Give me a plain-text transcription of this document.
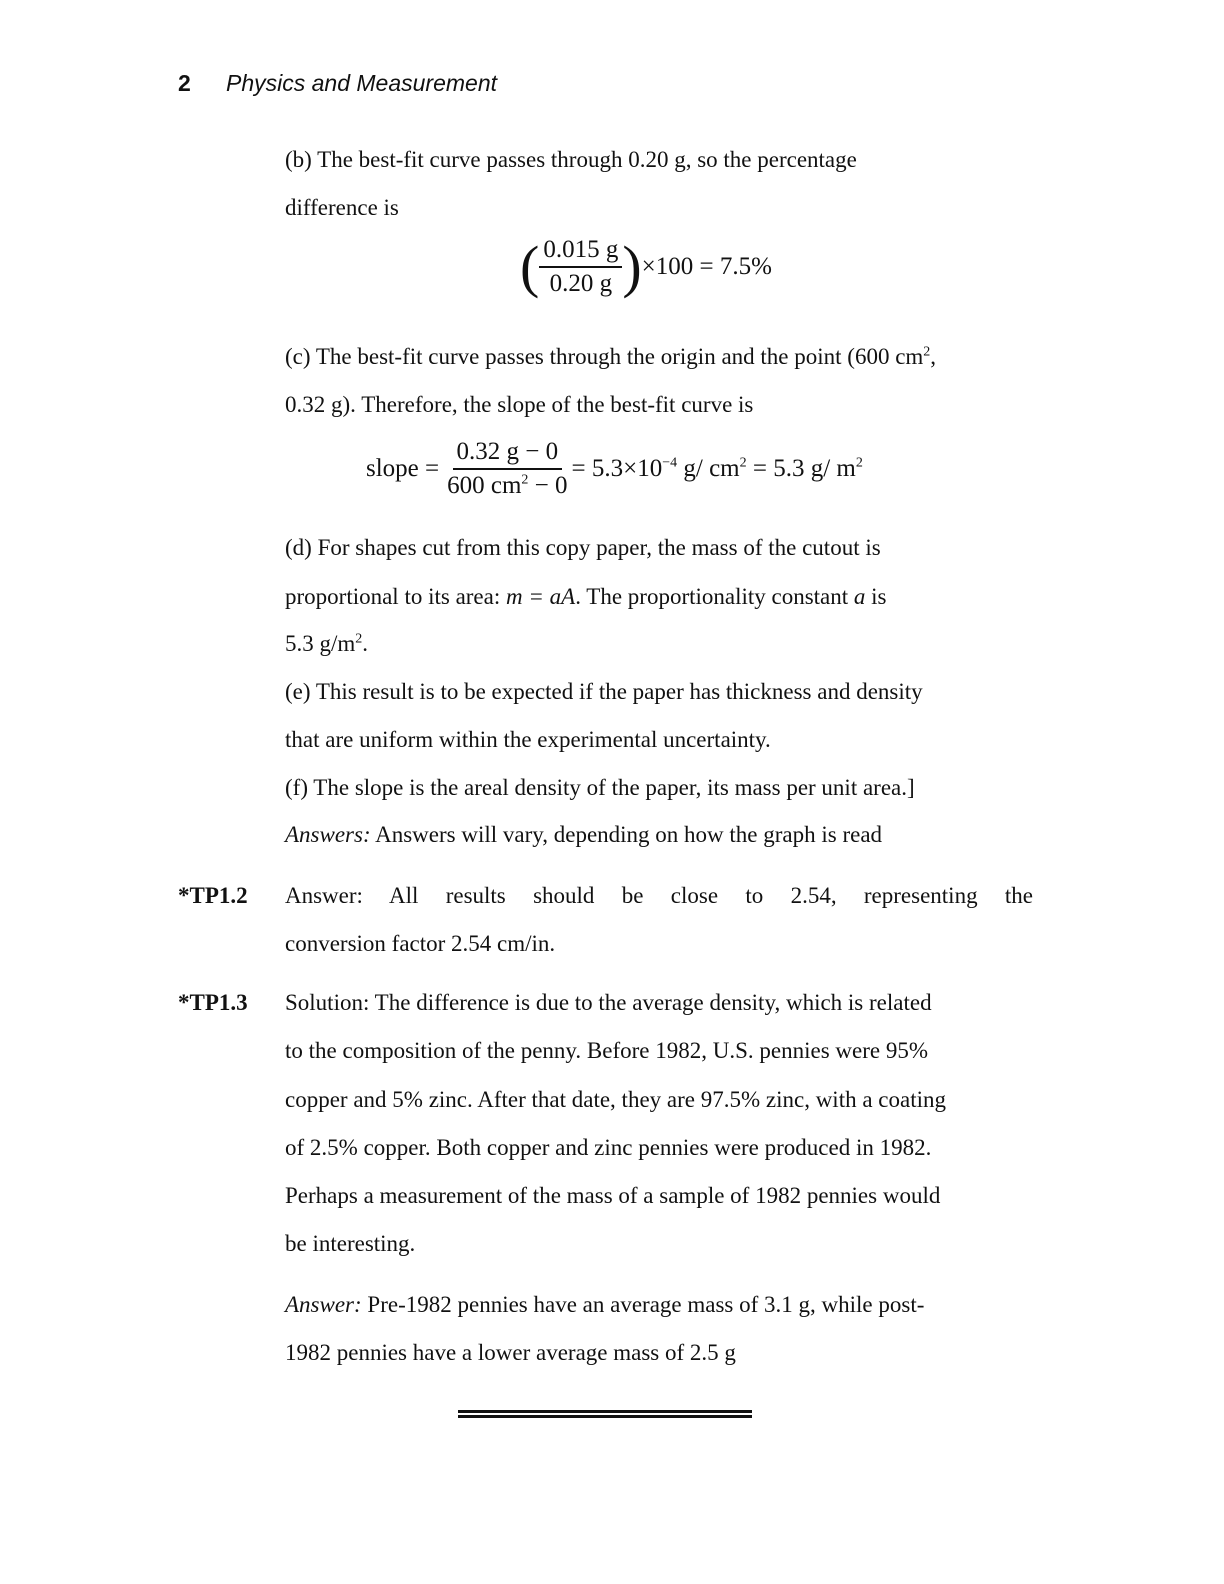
2 Physics and Measurement
(b) The best-fit curve passes through 0.20 g, so the percentage
difference is
( $\frac{0.015 g}{0.20 g} )\times 100 = 7.5\%$
(c) The best-fit curve passes through the origin and the point (600 $cm^2$,
0.32 g). Therefore, the slope of the best-fit curve is
slope = $\frac{0.32 g - 0}{600 cm^2 - 0} = 5.3\times 10^{-4}$ g/ $cm^2 = 5.3$ g/ $m^2$
(d) For shapes cut from this copy paper, the mass of the cutout is
proportional to its area: m = aA. The proportionality constant a is
5.3 $g/m^2$.
(e) This result is to be expected if the paper has thickness and density
that are uniform within the experimental uncertainty.
(f) The slope is the areal density of the paper, its mass per unit area.]
Answers: Answers will vary, depending on how the graph is read
*TP1.2 Answer: All results should be close to 2.54, representing the
conversion factor 2.54 cm/in.
*TP1.3 Solution: The difference is due to the average density, which is related
to the composition of the penny. Before 1982, U.S. pennies were 95%
copper and 5% zinc. After that date, they are 97.5% zinc, with a coating
of 2.5% copper. Both copper and zinc pennies were produced in 1982.
Perhaps a measurement of the mass of a sample of 1982 pennies would
be interesting.
Answer: Pre-1982 pennies have an average mass of 3.1 g, while post-
1982 pennies have a lower average mass of 2.5 g
